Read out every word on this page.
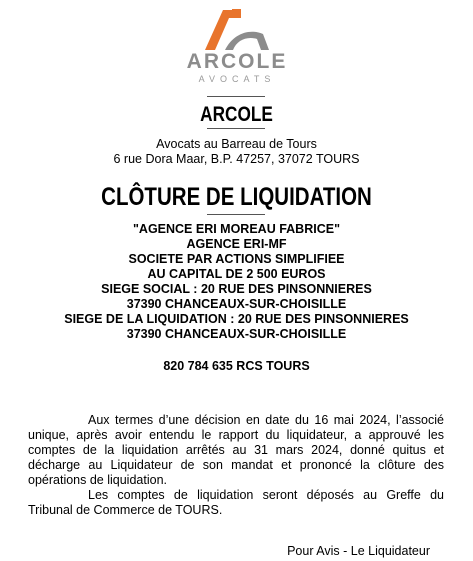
ARCOLE
AVOCATS
ARCOLE
Avocats au Barreau de Tours
6 rue Dora Maar, B.P. 47257, 37072 TOURS
CLÔTURE DE LIQUIDATION
"AGENCE ERI MOREAU FABRICE"
AGENCE ERI-MF
SOCIETE PAR ACTIONS SIMPLIFIEE
AU CAPITAL DE 2 500 EUROS
SIEGE SOCIAL : 20 RUE DES PINSONNIERES
37390 CHANCEAUX-SUR-CHOISILLE
SIEGE DE LA LIQUIDATION : 20 RUE DES PINSONNIERES
37390 CHANCEAUX-SUR-CHOISILLE
820 784 635 RCS TOURS
Aux termes d’une décision en date du 16 mai 2024, l’associé unique, après avoir entendu le rapport du liquidateur, a approuvé les comptes de la liquidation arrêtés au 31 mars 2024, donné quitus et décharge au Liquidateur de son mandat et prononcé la clôture des opérations de liquidation.
Les comptes de liquidation seront déposés au Greffe du Tribunal de Commerce de TOURS.
Pour Avis - Le Liquidateur
